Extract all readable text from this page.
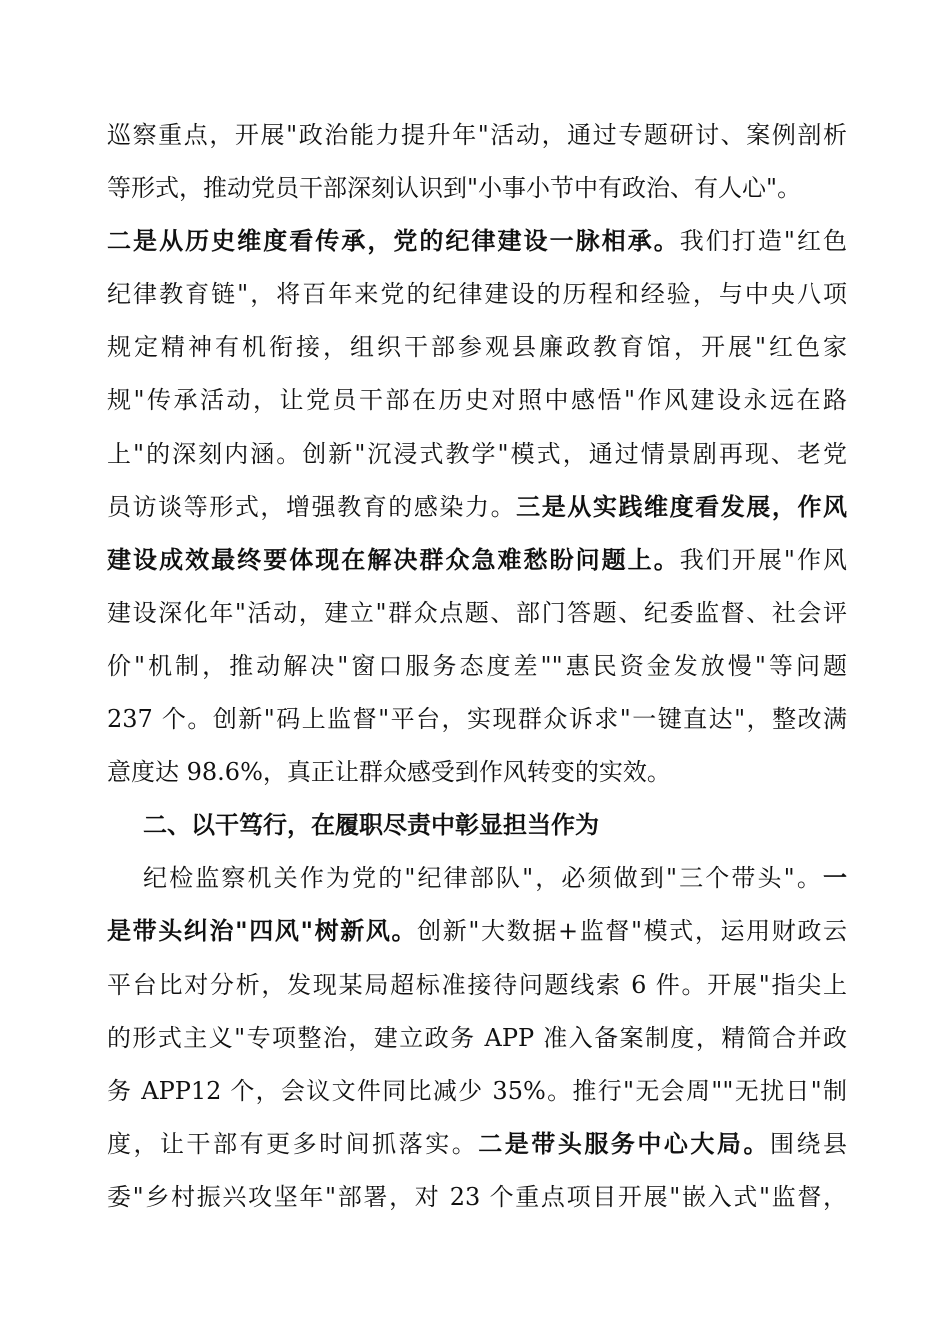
巡察重点，开展"政治能力提升年"活动，通过专题研讨、案例剖析
等形式，推动党员干部深刻认识到"小事小节中有政治、有人心"。
二是从历史维度看传承，党的纪律建设一脉相承。我们打造"红色
纪律教育链"，将百年来党的纪律建设的历程和经验，与中央八项
规定精神有机衔接，组织干部参观县廉政教育馆，开展"红色家
规"传承活动，让党员干部在历史对照中感悟"作风建设永远在路
上"的深刻内涵。创新"沉浸式教学"模式，通过情景剧再现、老党
员访谈等形式，增强教育的感染力。三是从实践维度看发展，作风
建设成效最终要体现在解决群众急难愁盼问题上。我们开展"作风
建设深化年"活动，建立"群众点题、部门答题、纪委监督、社会评
价"机制，推动解决"窗口服务态度差""惠民资金发放慢"等问题
237 个。创新"码上监督"平台，实现群众诉求"一键直达"，整改满
意度达 98.6%，真正让群众感受到作风转变的实效。
二、以干笃行，在履职尽责中彰显担当作为
纪检监察机关作为党的"纪律部队"，必须做到"三个带头"。一
是带头纠治"四风"树新风。创新"大数据+监督"模式，运用财政云
平台比对分析，发现某局超标准接待问题线索 6 件。开展"指尖上
的形式主义"专项整治，建立政务 APP 准入备案制度，精简合并政
务 APP12 个，会议文件同比减少 35%。推行"无会周""无扰日"制
度，让干部有更多时间抓落实。二是带头服务中心大局。围绕县
委"乡村振兴攻坚年"部署，对 23 个重点项目开展"嵌入式"监督，
